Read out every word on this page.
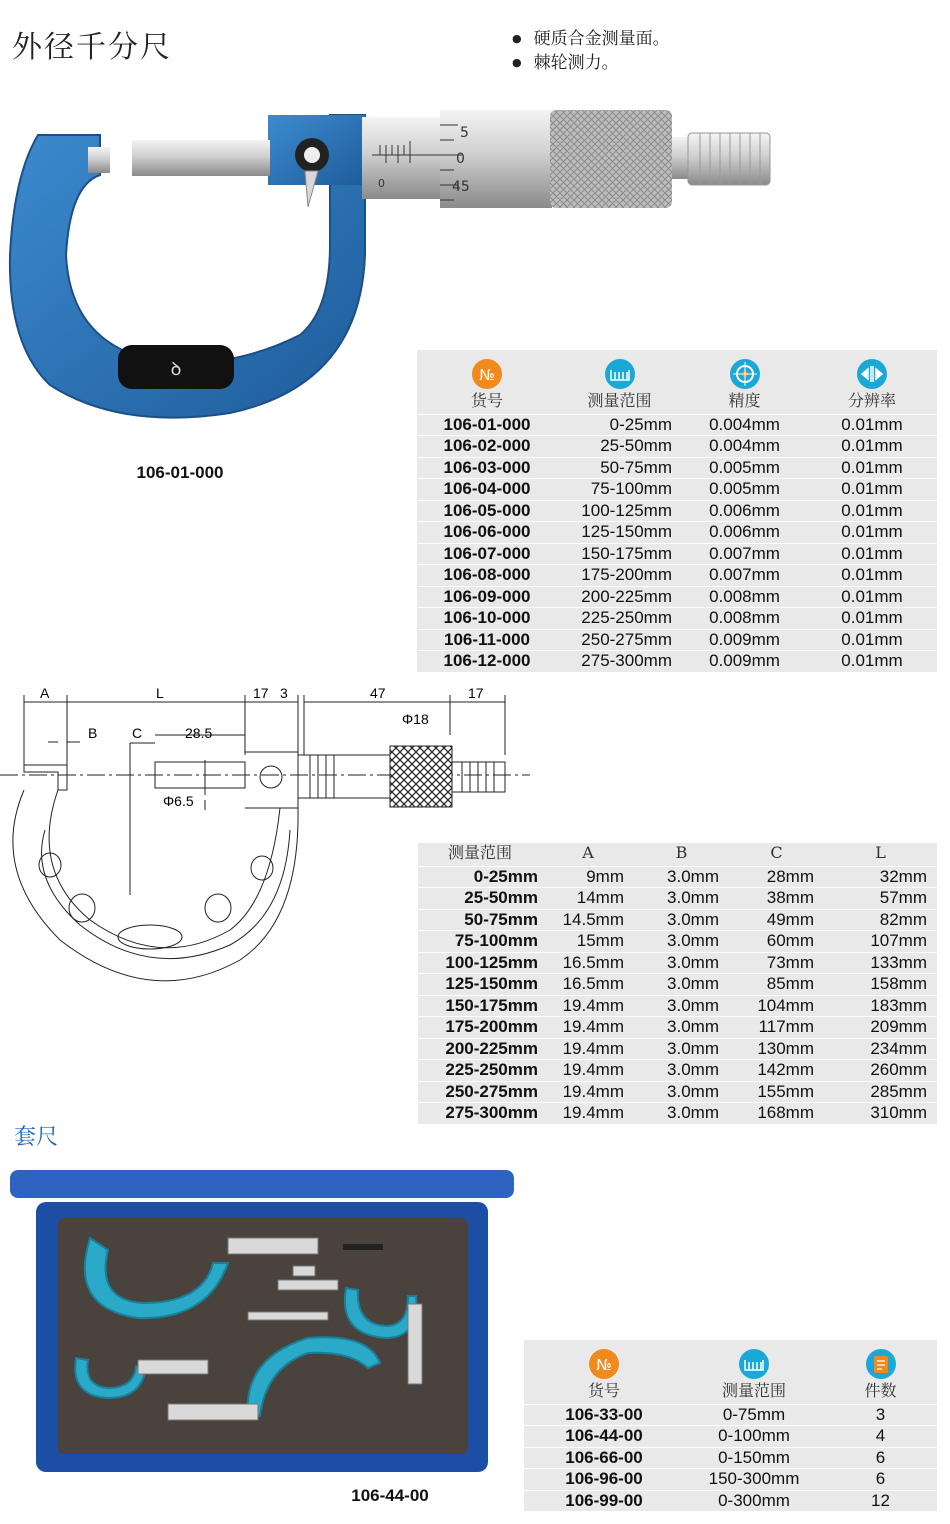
外径千分尺	● 硬质合金测量面。
● 棘轮测力。
ꝺ
5
0
45
0
106-01-000
№
货号	测量范围	精度	分辨率
106-01-000	0-25mm	0.004mm	0.01mm
106-02-000	25-50mm	0.004mm	0.01mm
106-03-000	50-75mm	0.005mm	0.01mm
106-04-000	75-100mm	0.005mm	0.01mm
106-05-000	100-125mm	0.006mm	0.01mm
106-06-000	125-150mm	0.006mm	0.01mm
106-07-000	150-175mm	0.007mm	0.01mm
106-08-000	175-200mm	0.007mm	0.01mm
106-09-000	200-225mm	0.008mm	0.01mm
106-10-000	225-250mm	0.008mm	0.01mm
106-11-000	250-275mm	0.009mm	0.01mm
106-12-000	275-300mm	0.009mm	0.01mm
A	L	17 3	47	17
B C	28.5
Φ18
Φ6.5
测量范围	A	B	C	L
0-25mm	9mm	3.0mm	28mm	32mm
25-50mm	14mm	3.0mm	38mm	57mm
50-75mm	14.5mm	3.0mm	49mm	82mm
75-100mm	15mm	3.0mm	60mm	107mm
100-125mm	16.5mm	3.0mm	73mm	133mm
125-150mm	16.5mm	3.0mm	85mm	158mm
150-175mm	19.4mm	3.0mm	104mm	183mm
175-200mm	19.4mm	3.0mm	117mm	209mm
200-225mm	19.4mm	3.0mm	130mm	234mm
225-250mm	19.4mm	3.0mm	142mm	260mm
250-275mm	19.4mm	3.0mm	155mm	285mm
275-300mm	19.4mm	3.0mm	168mm	310mm
套尺
106-44-00
№
货号	测量范围	件数
106-33-00	0-75mm	3
106-44-00	0-100mm	4
106-66-00	0-150mm	6
106-96-00	150-300mm	6
106-99-00	0-300mm	12
